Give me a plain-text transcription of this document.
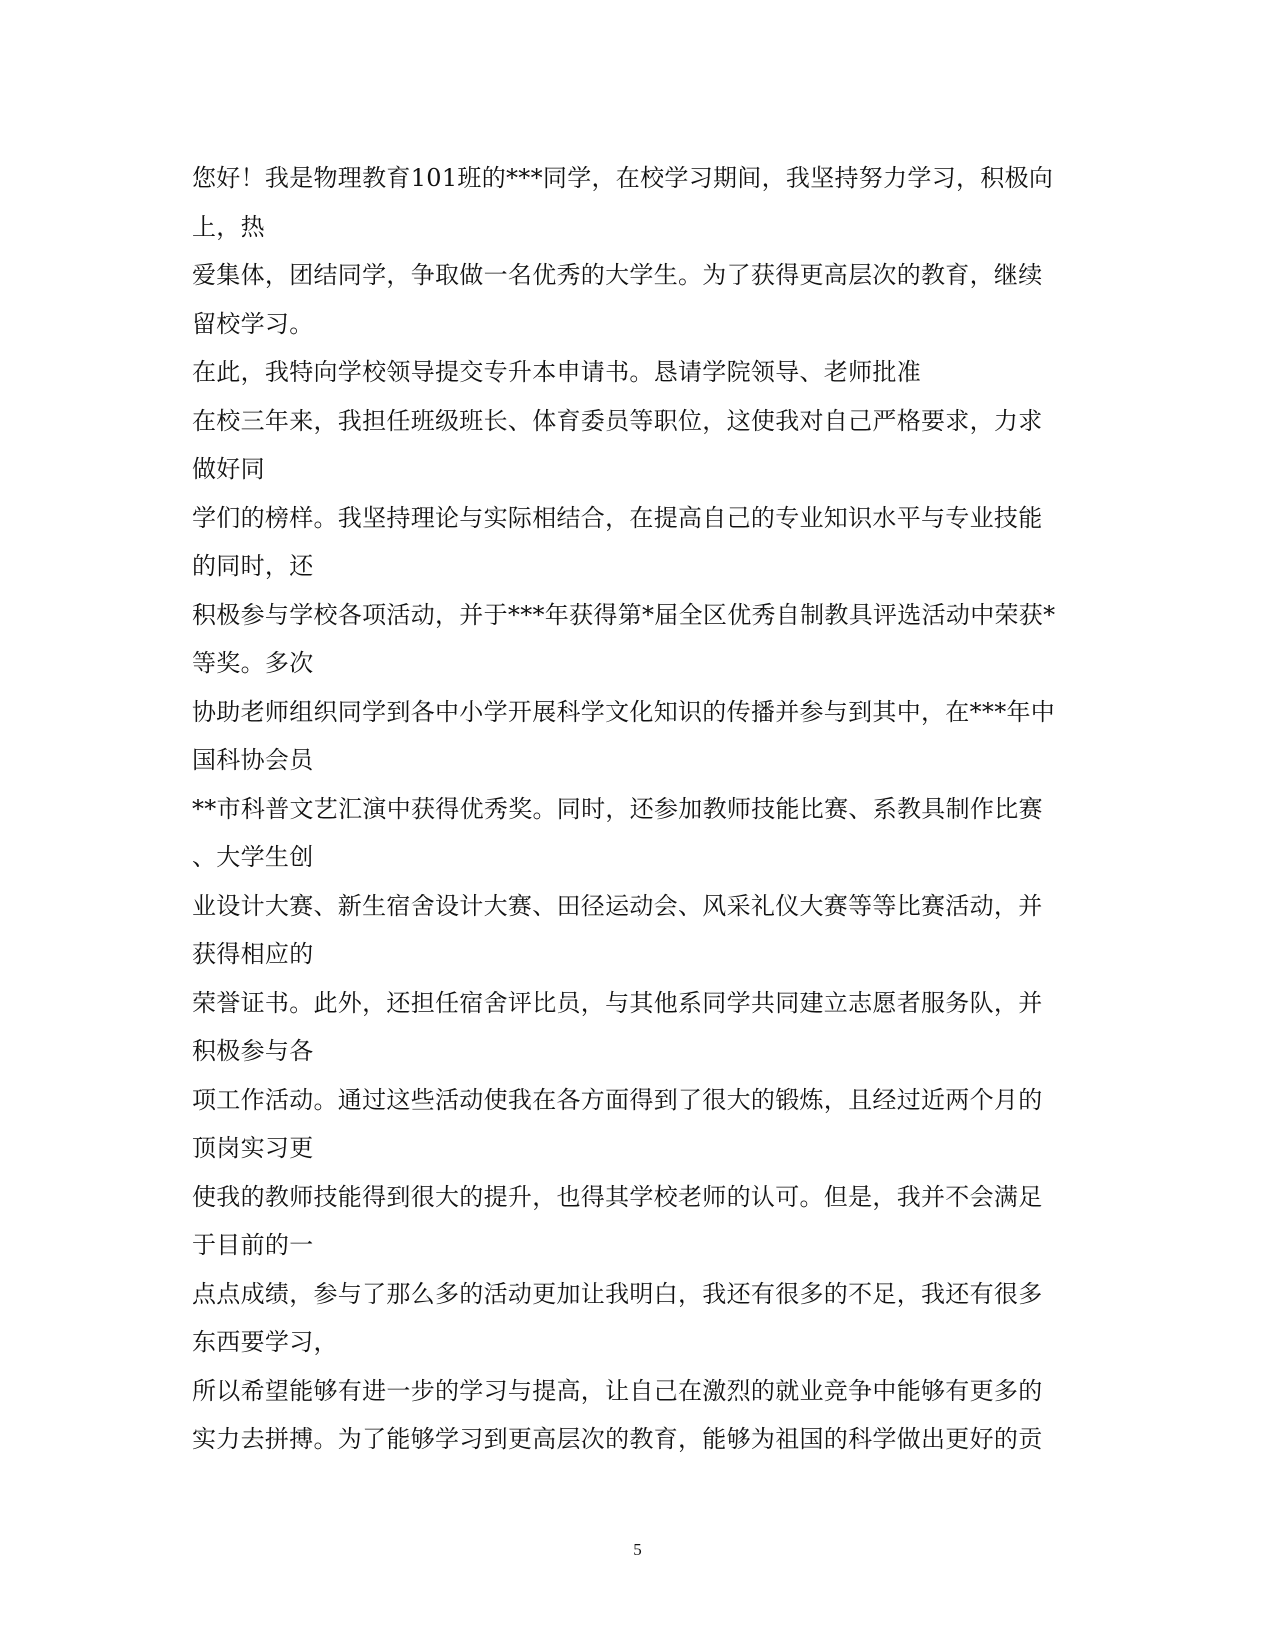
您好！我是物理教育101班的***同学，在校学习期间，我坚持努力学习，积极向
上，热
爱集体，团结同学，争取做一名优秀的大学生。为了获得更高层次的教育，继续
留校学习。
在此，我特向学校领导提交专升本申请书。恳请学院领导、老师批准
在校三年来，我担任班级班长、体育委员等职位，这使我对自己严格要求，力求
做好同
学们的榜样。我坚持理论与实际相结合，在提高自己的专业知识水平与专业技能
的同时，还
积极参与学校各项活动，并于***年获得第*届全区优秀自制教具评选活动中荣获*
等奖。多次
协助老师组织同学到各中小学开展科学文化知识的传播并参与到其中，在***年中
国科协会员
**市科普文艺汇演中获得优秀奖。同时，还参加教师技能比赛、系教具制作比赛
、大学生创
业设计大赛、新生宿舍设计大赛、田径运动会、风采礼仪大赛等等比赛活动，并
获得相应的
荣誉证书。此外，还担任宿舍评比员，与其他系同学共同建立志愿者服务队，并
积极参与各
项工作活动。通过这些活动使我在各方面得到了很大的锻炼，且经过近两个月的
顶岗实习更
使我的教师技能得到很大的提升，也得其学校老师的认可。但是，我并不会满足
于目前的一
点点成绩，参与了那么多的活动更加让我明白，我还有很多的不足，我还有很多
东西要学习，
所以希望能够有进一步的学习与提高，让自己在激烈的就业竞争中能够有更多的
实力去拼搏。为了能够学习到更高层次的教育，能够为祖国的科学做出更好的贡
5
